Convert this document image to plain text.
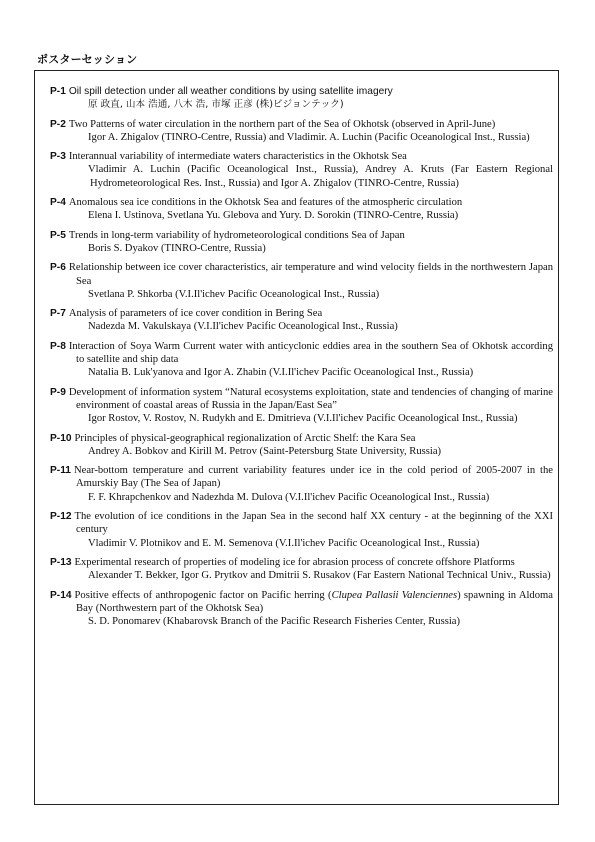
ポスターセッション
P-1 Oil spill detection under all weather conditions by using satellite imagery
原 政直, 山本 浩通, 八木 浩, 市塚 正彦 (株)ビジョンテック)
P-2 Two Patterns of water circulation in the northern part of the Sea of Okhotsk (observed in April-June)
Igor A. Zhigalov (TINRO-Centre, Russia) and Vladimir. A. Luchin (Pacific Oceanological Inst., Russia)
P-3 Interannual variability of intermediate waters characteristics in the Okhotsk Sea
Vladimir A. Luchin (Pacific Oceanological Inst., Russia), Andrey A. Kruts (Far Eastern Regional Hydrometeorological Res. Inst., Russia) and Igor A. Zhigalov (TINRO-Centre, Russia)
P-4 Anomalous sea ice conditions in the Okhotsk Sea and features of the atmospheric circulation
Elena I. Ustinova, Svetlana Yu. Glebova and Yury. D. Sorokin (TINRO-Centre, Russia)
P-5 Trends in long-term variability of hydrometeorological conditions Sea of Japan
Boris S. Dyakov (TINRO-Centre, Russia)
P-6 Relationship between ice cover characteristics, air temperature and wind velocity fields in the northwestern Japan Sea
Svetlana P. Shkorba (V.I.Il'ichev Pacific Oceanological Inst., Russia)
P-7 Analysis of parameters of ice cover condition in Bering Sea
Nadezda M. Vakulskaya (V.I.Il'ichev Pacific Oceanological Inst., Russia)
P-8 Interaction of Soya Warm Current water with anticyclonic eddies area in the southern Sea of Okhotsk according to satellite and ship data
Natalia B. Luk'yanova and Igor A. Zhabin (V.I.Il'ichev Pacific Oceanological Inst., Russia)
P-9 Development of information system “Natural ecosystems exploitation, state and tendencies of changing of marine environment of coastal areas of Russia in the Japan/East Sea”
Igor Rostov, V. Rostov, N. Rudykh and E. Dmitrieva (V.I.Il'ichev Pacific Oceanological Inst., Russia)
P-10 Principles of physical-geographical regionalization of Arctic Shelf: the Kara Sea
Andrey A. Bobkov and Kirill M. Petrov (Saint-Petersburg State University, Russia)
P-11 Near-bottom temperature and current variability features under ice in the cold period of 2005-2007 in the Amurskiy Bay (The Sea of Japan)
F. F. Khrapchenkov and Nadezhda M. Dulova (V.I.Il'ichev Pacific Oceanological Inst., Russia)
P-12 The evolution of ice conditions in the Japan Sea in the second half XX century - at the beginning of the XXI century
Vladimir V. Plotnikov and E. M. Semenova (V.I.Il'ichev Pacific Oceanological Inst., Russia)
P-13 Experimental research of properties of modeling ice for abrasion process of concrete offshore Platforms
Alexander T. Bekker, Igor G. Prytkov and Dmitrii S. Rusakov (Far Eastern National Technical Univ., Russia)
P-14 Positive effects of anthropogenic factor on Pacific herring (Clupea Pallasii Valenciennes) spawning in Aldoma Bay (Northwestern part of the Okhotsk Sea)
S. D. Ponomarev (Khabarovsk Branch of the Pacific Research Fisheries Center, Russia)
